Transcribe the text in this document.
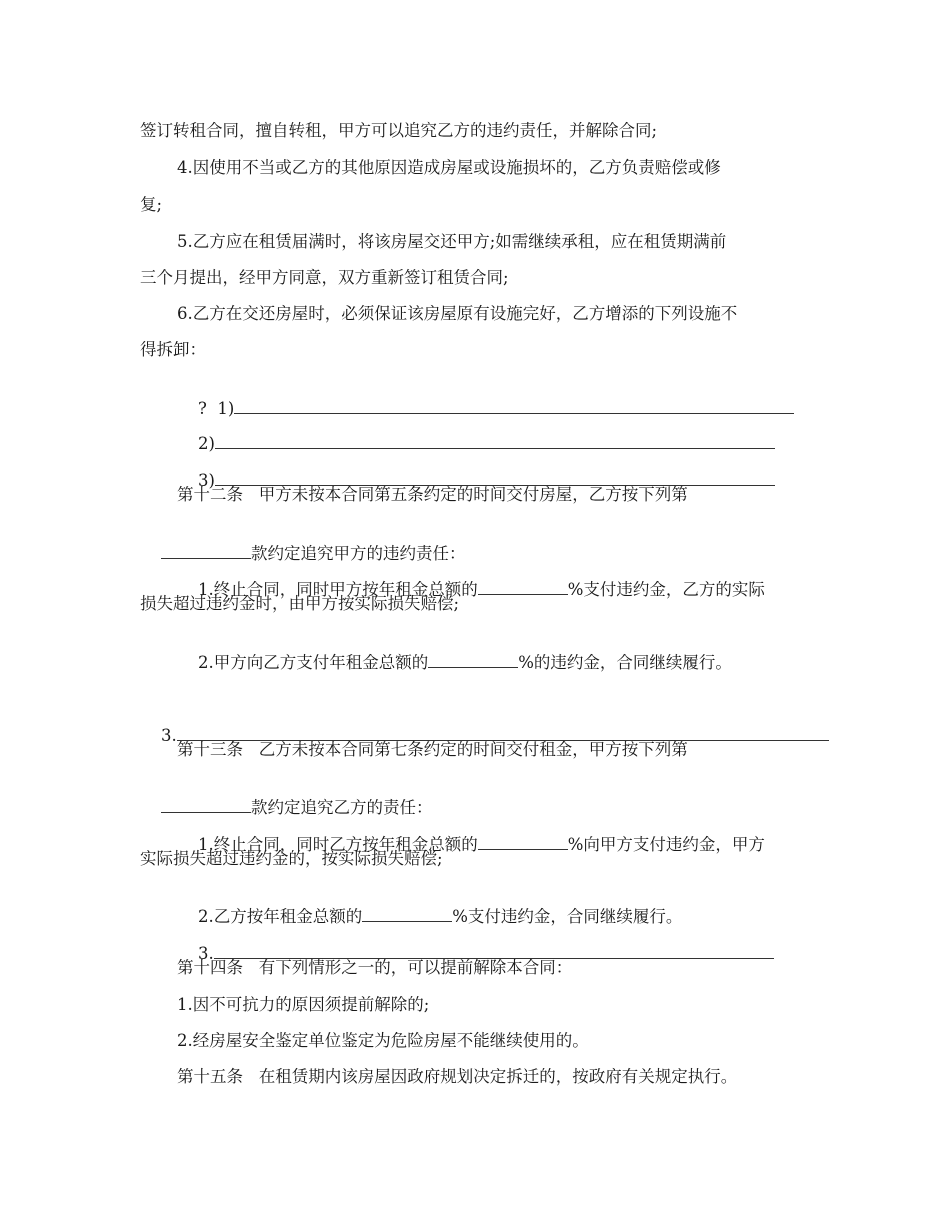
签订转租合同，擅自转租，甲方可以追究乙方的违约责任，并解除合同;
4.因使用不当或乙方的其他原因造成房屋或设施损坏的，乙方负责赔偿或修
复;
5.乙方应在租赁届满时，将该房屋交还甲方;如需继续承租，应在租赁期满前
三个月提出，经甲方同意，双方重新签订租赁合同;
6.乙方在交还房屋时，必须保证该房屋原有设施完好，乙方增添的下列设施不
得拆卸：

?  1)

2)

3)

第十二条   甲方未按本合同第五条约定的时间交付房屋，乙方按下列第

款约定追究甲方的违约责任：

1.终止合同，同时甲方按年租金总额的	%支付违约金，乙方的实际

损失超过违约金时，由甲方按实际损失赔偿;

2.甲方向乙方支付年租金总额的	%的违约金，合同继续履行。

3.

第十三条   乙方未按本合同第七条约定的时间交付租金，甲方按下列第

款约定追究乙方的责任：

1.终止合同，同时乙方按年租金总额的	%向甲方支付违约金，甲方

实际损失超过违约金的，按实际损失赔偿;

2.乙方按年租金总额的	%支付违约金，合同继续履行。

3.

第十四条   有下列情形之一的，可以提前解除本合同：
1.因不可抗力的原因须提前解除的;
2.经房屋安全鉴定单位鉴定为危险房屋不能继续使用的。
第十五条   在租赁期内该房屋因政府规划决定拆迁的，按政府有关规定执行。
